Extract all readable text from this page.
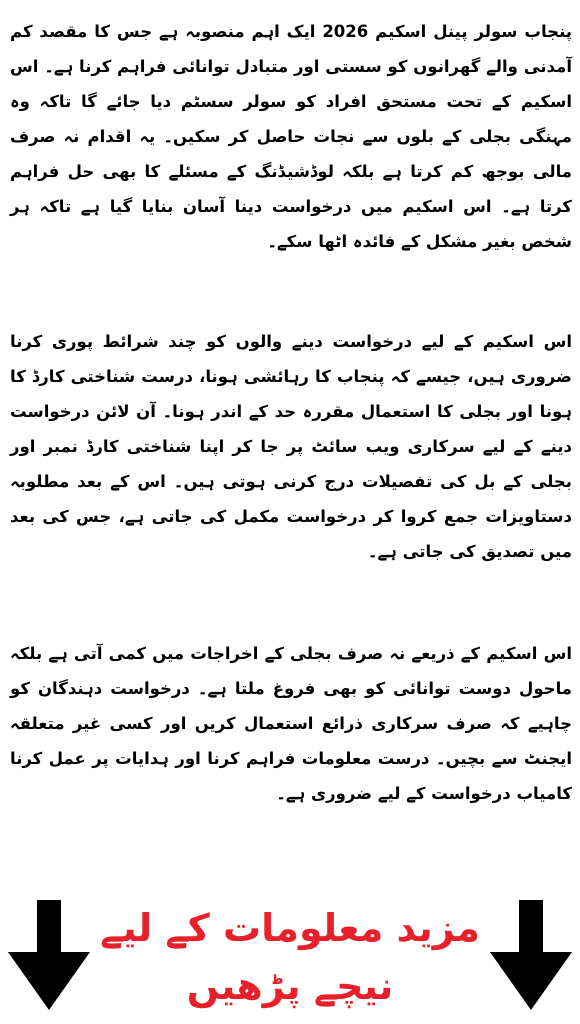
پنجاب سولر پینل اسکیم 2026 ایک اہم منصوبہ ہے جس کا مقصد کم آمدنی والے گھرانوں کو سستی اور متبادل توانائی فراہم کرنا ہے۔ اس اسکیم کے تحت مستحق افراد کو سولر سسٹم دیا جائے گا تاکہ وہ مہنگی بجلی کے بلوں سے نجات حاصل کر سکیں۔ یہ اقدام نہ صرف مالی بوجھ کم کرتا ہے بلکہ لوڈشیڈنگ کے مسئلے کا بھی حل فراہم کرتا ہے۔ اس اسکیم میں درخواست دینا آسان بنایا گیا ہے تاکہ ہر شخص بغیر مشکل کے فائدہ اٹھا سکے۔

اس اسکیم کے لیے درخواست دینے والوں کو چند شرائط پوری کرنا ضروری ہیں، جیسے کہ پنجاب کا رہائشی ہونا، درست شناختی کارڈ کا ہونا اور بجلی کا استعمال مقررہ حد کے اندر ہونا۔ آن لائن درخواست دینے کے لیے سرکاری ویب سائٹ پر جا کر اپنا شناختی کارڈ نمبر اور بجلی کے بل کی تفصیلات درج کرنی ہوتی ہیں۔ اس کے بعد مطلوبہ دستاویزات جمع کروا کر درخواست مکمل کی جاتی ہے، جس کی بعد میں تصدیق کی جاتی ہے۔

اس اسکیم کے ذریعے نہ صرف بجلی کے اخراجات میں کمی آتی ہے بلکہ ماحول دوست توانائی کو بھی فروغ ملتا ہے۔ درخواست دہندگان کو چاہیے کہ صرف سرکاری ذرائع استعمال کریں اور کسی غیر متعلقہ ایجنٹ سے بچیں۔ درست معلومات فراہم کرنا اور ہدایات پر عمل کرنا کامیاب درخواست کے لیے ضروری ہے۔

مزید معلومات کے لیے
نیچے پڑھیں
